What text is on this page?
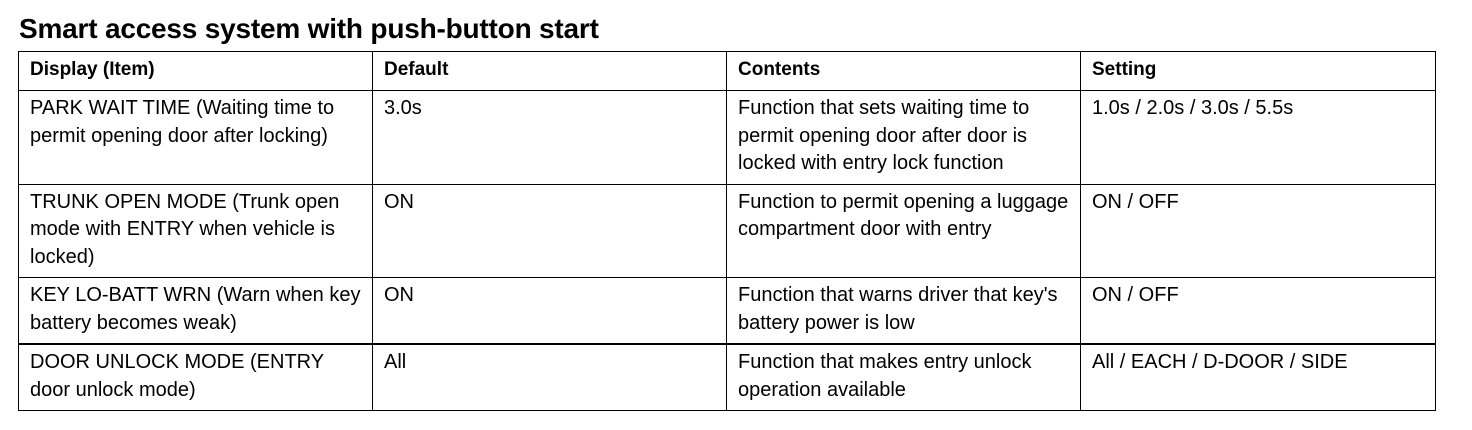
Smart access system with push-button start
Display (Item)	Default	Contents	Setting
PARK WAIT TIME (Waiting time to permit opening door after locking)	3.0s	Function that sets waiting time to permit opening door after door is locked with entry lock function	1.0s / 2.0s / 3.0s / 5.5s
TRUNK OPEN MODE (Trunk open mode with ENTRY when vehicle is locked)	ON	Function to permit opening a luggage compartment door with entry	ON / OFF
KEY LO-BATT WRN (Warn when key battery becomes weak)	ON	Function that warns driver that key's battery power is low	ON / OFF
DOOR UNLOCK MODE (ENTRY door unlock mode)	All	Function that makes entry unlock operation available	All / EACH / D-DOOR / SIDE
